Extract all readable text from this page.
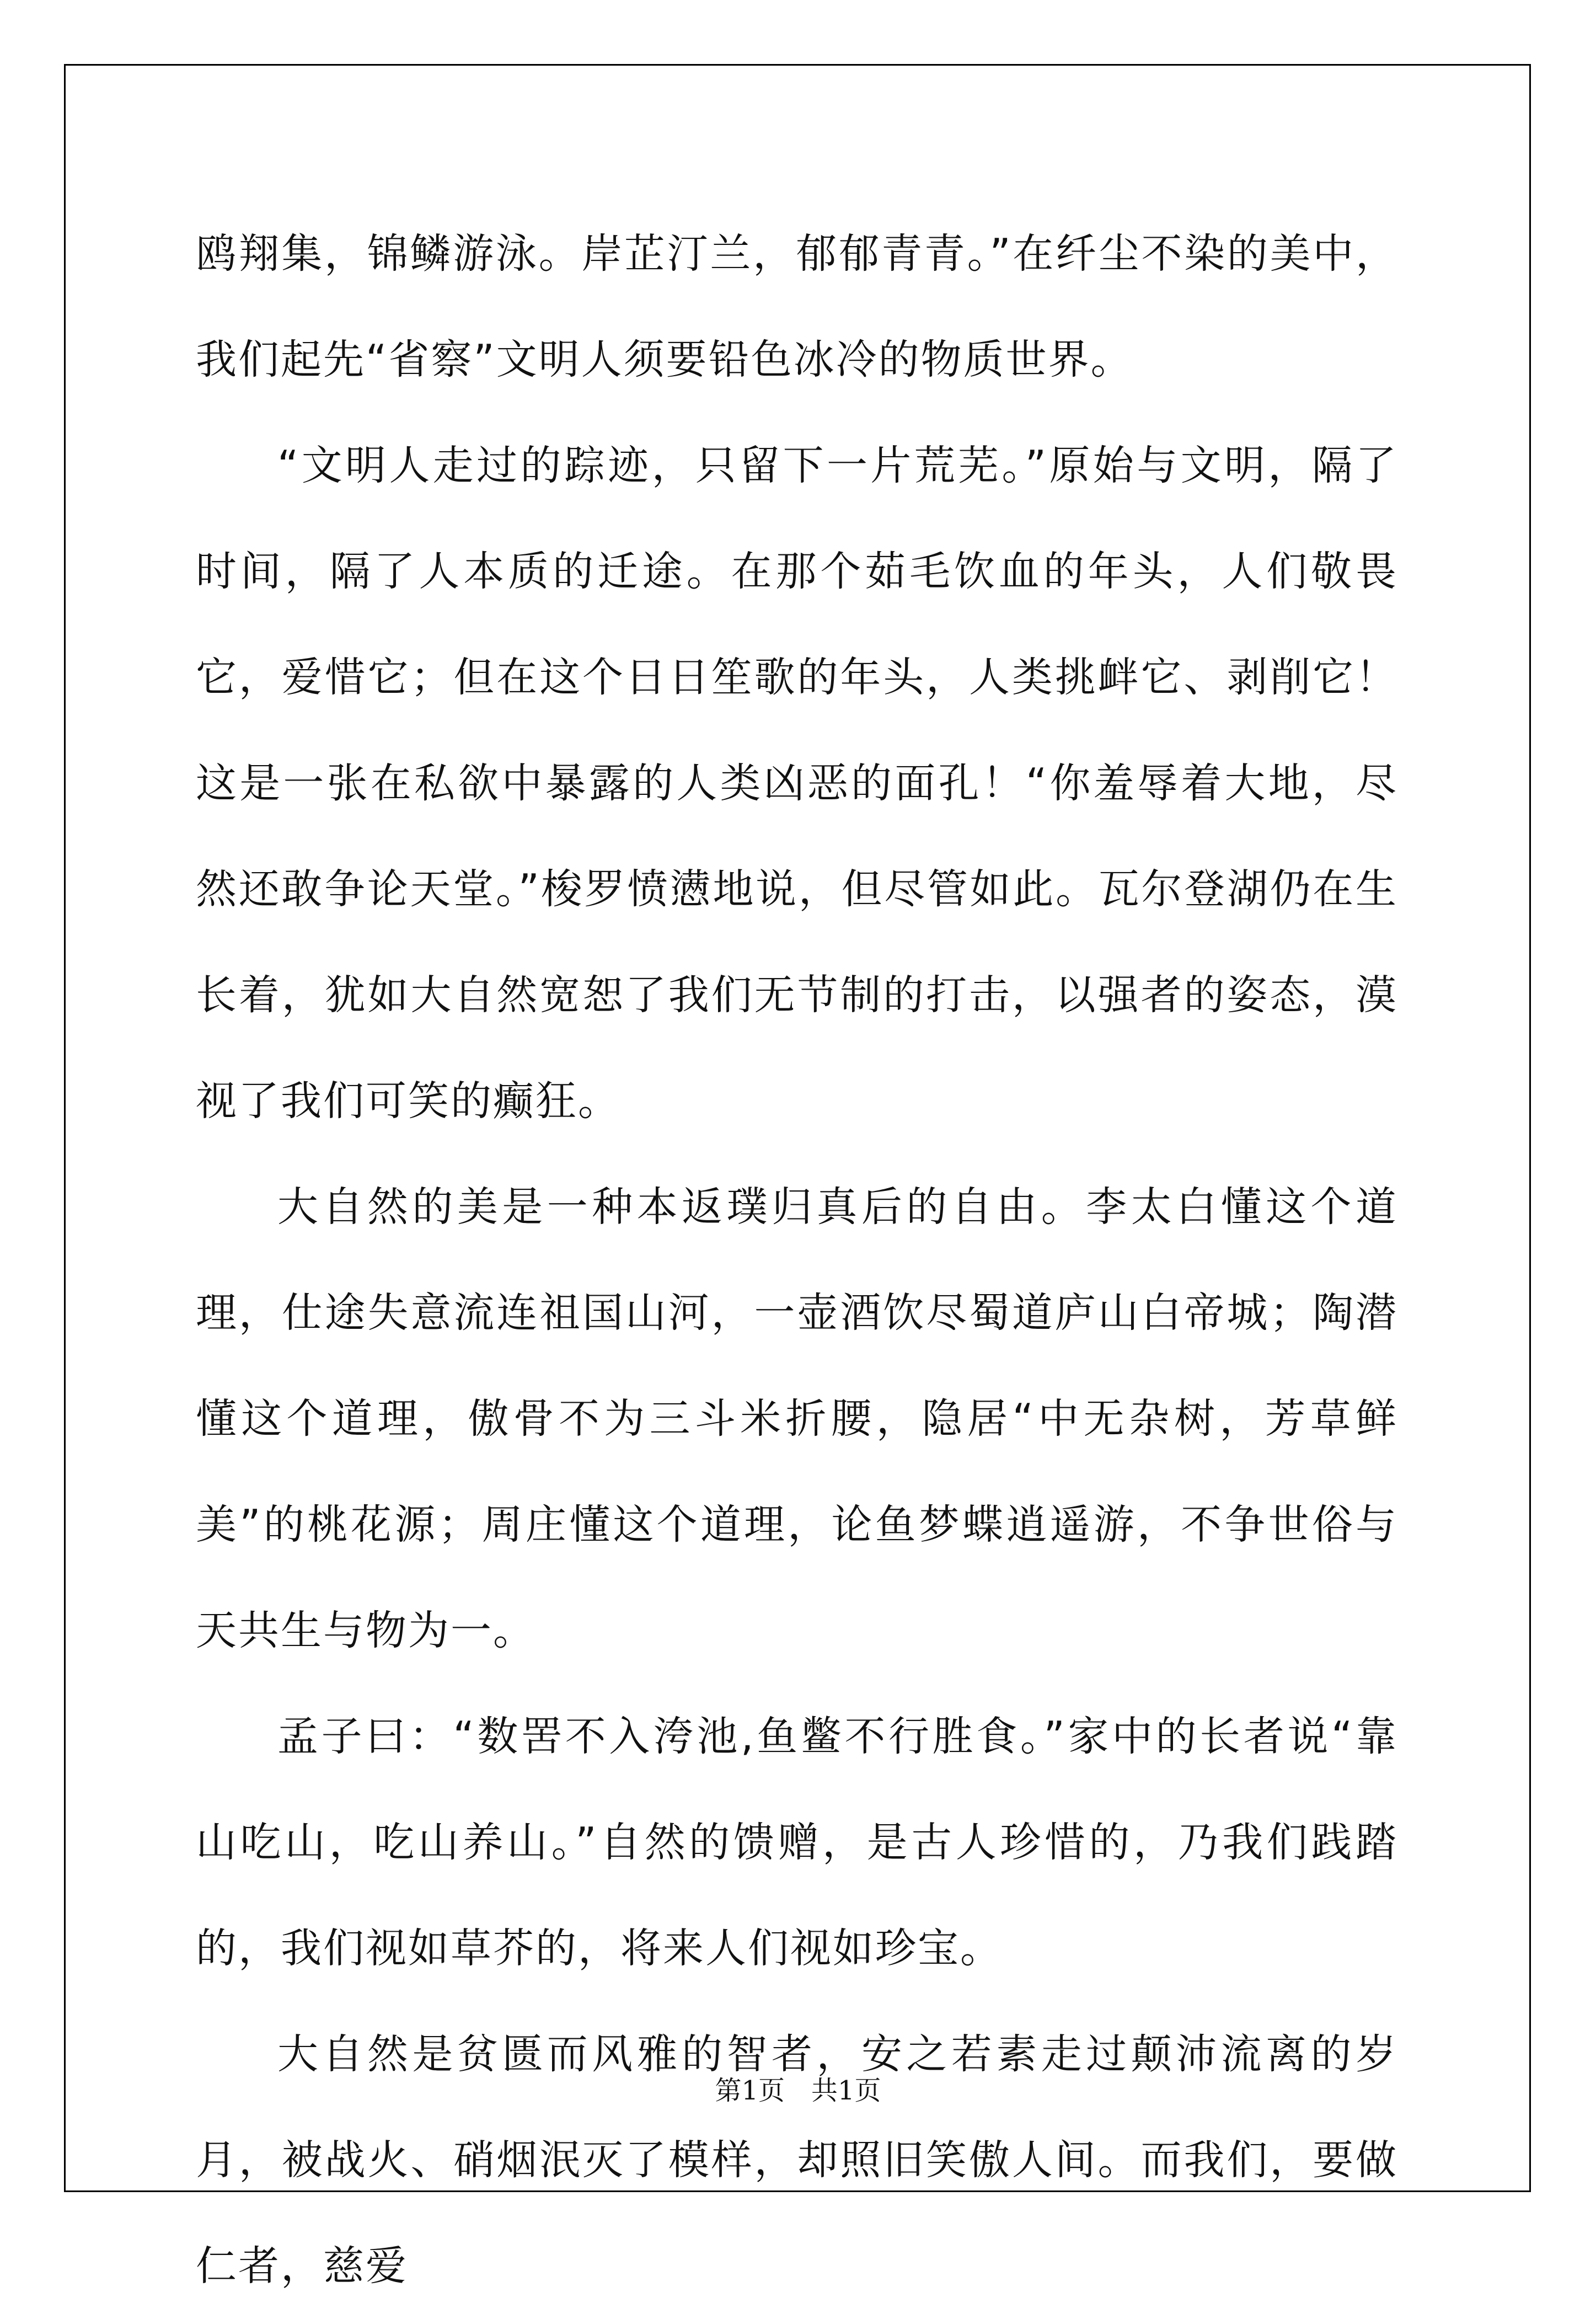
鸥翔集，锦鳞游泳。岸芷汀兰，郁郁青青。”在纤尘不染的美中，我们起先“省察”文明人须要铅色冰冷的物质世界。

“文明人走过的踪迹，只留下一片荒芜。”原始与文明，隔了时间，隔了人本质的迁途。在那个茹毛饮血的年头，人们敬畏它，爱惜它；但在这个日日笙歌的年头，人类挑衅它、剥削它！这是一张在私欲中暴露的人类凶恶的面孔！“你羞辱着大地，尽然还敢争论天堂。”梭罗愤懑地说，但尽管如此。瓦尔登湖仍在生长着，犹如大自然宽恕了我们无节制的打击，以强者的姿态，漠视了我们可笑的癫狂。

大自然的美是一种本返璞归真后的自由。李太白懂这个道理，仕途失意流连祖国山河，一壶酒饮尽蜀道庐山白帝城；陶潜懂这个道理，傲骨不为三斗米折腰，隐居“中无杂树，芳草鲜美”的桃花源；周庄懂这个道理，论鱼梦蝶逍遥游，不争世俗与天共生与物为一。

孟子曰：“数罟不入洿池,鱼鳖不行胜食。”家中的长者说“靠山吃山，吃山养山。”自然的馈赠，是古人珍惜的，乃我们践踏的，我们视如草芥的，将来人们视如珍宝。

大自然是贫匮而风雅的智者，安之若素走过颠沛流离的岁月，被战火、硝烟泯灭了模样，却照旧笑傲人间。而我们，要做仁者，慈爱

第1页 共1页
